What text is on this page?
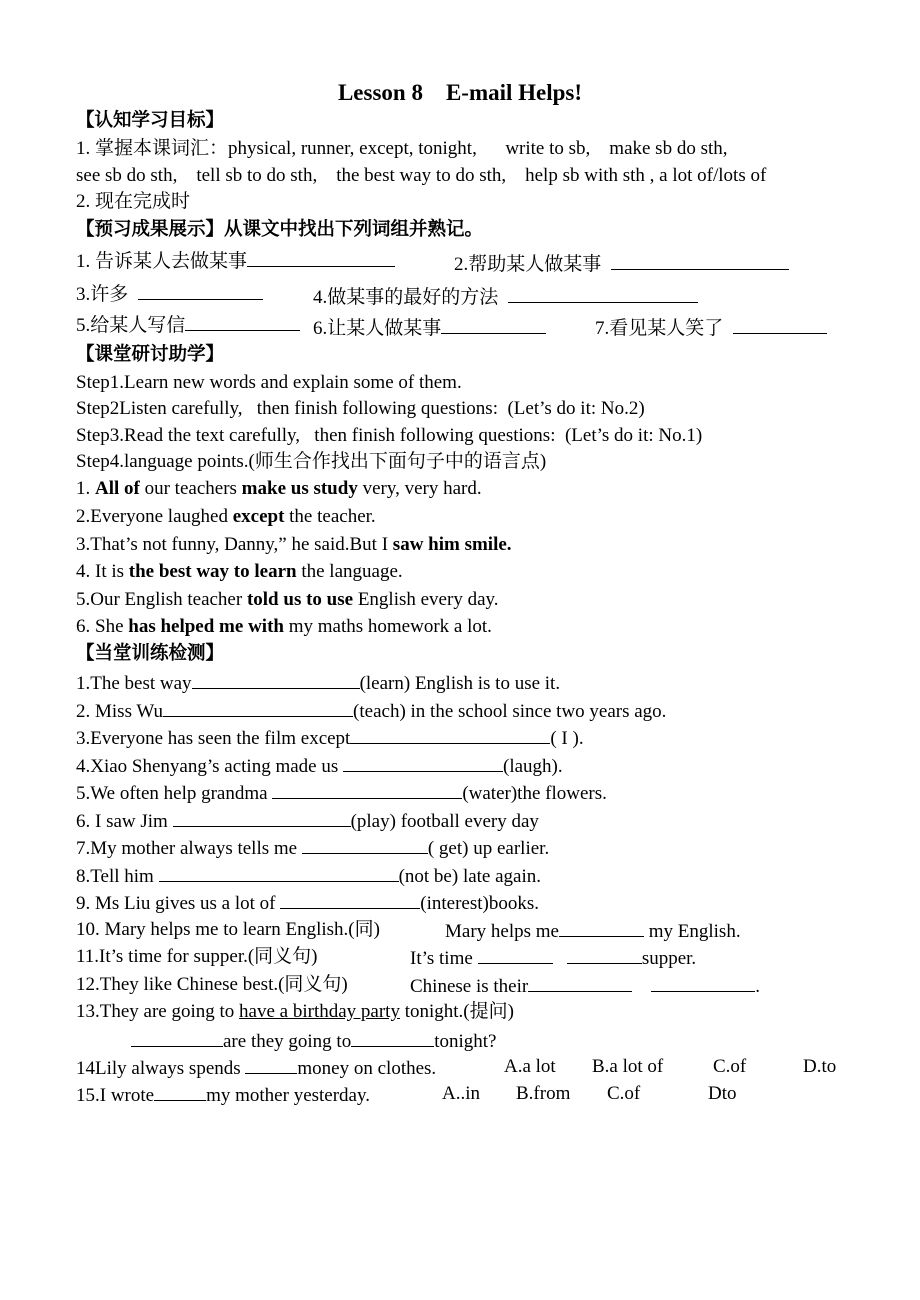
Lesson 8    E-mail Helps!
【认知学习目标】
1. 掌握本课词汇：physical, runner, except, tonight,      write to sb,    make sb do sth,
see sb do sth,    tell sb to do sth,    the best way to do sth,    help sb with sth , a lot of/lots of
2. 现在完成时
【预习成果展示】从课文中找出下列词组并熟记。
1. 告诉某人去做某事	2.帮助某人做某事
3.许多	4.做某事的最好的方法
5.给某人写信	6.让某人做某事	7.看见某人笑了
【课堂研讨助学】
Step1.Learn new words and explain some of them.
Step2Listen carefully,   then finish following questions:  (Let’s do it: No.2)
Step3.Read the text carefully,   then finish following questions:  (Let’s do it: No.1)
Step4.language points.(师生合作找出下面句子中的语言点)
1. All of our teachers make us study very, very hard.
2.Everyone laughed except the teacher.
3.That’s not funny, Danny,” he said.But I saw him smile.
4. It is the best way to learn the language.
5.Our English teacher told us to use English every day.
6. She has helped me with my maths homework a lot.
【当堂训练检测】
1.The best way	(learn) English is to use it.
2. Miss Wu	(teach) in the school since two years ago.
3.Everyone has seen the film except	( I ).
4.Xiao Shenyang’s acting made us	(laugh).
5.We often help grandma	(water)the flowers.
6. I saw Jim	(play) football every day
7.My mother always tells me	( get) up earlier.
8.Tell him	(not be) late again.
9. Ms Liu gives us a lot of	(interest)books.
10. Mary helps me to learn English.(同)	Mary helps me	my English.
11.It’s time for supper.(同义句)	It’s time	supper.
12.They like Chinese best.(同义句)	Chinese is their	.
13.They are going to have a birthday party tonight.(提问)
are they going to	tonight?
14Lily always spends	money on clothes.	A.a lot B.a lot of	C.of	D.to
15.I wrote	my mother yesterday.	A..in B.from C.of	Dto
